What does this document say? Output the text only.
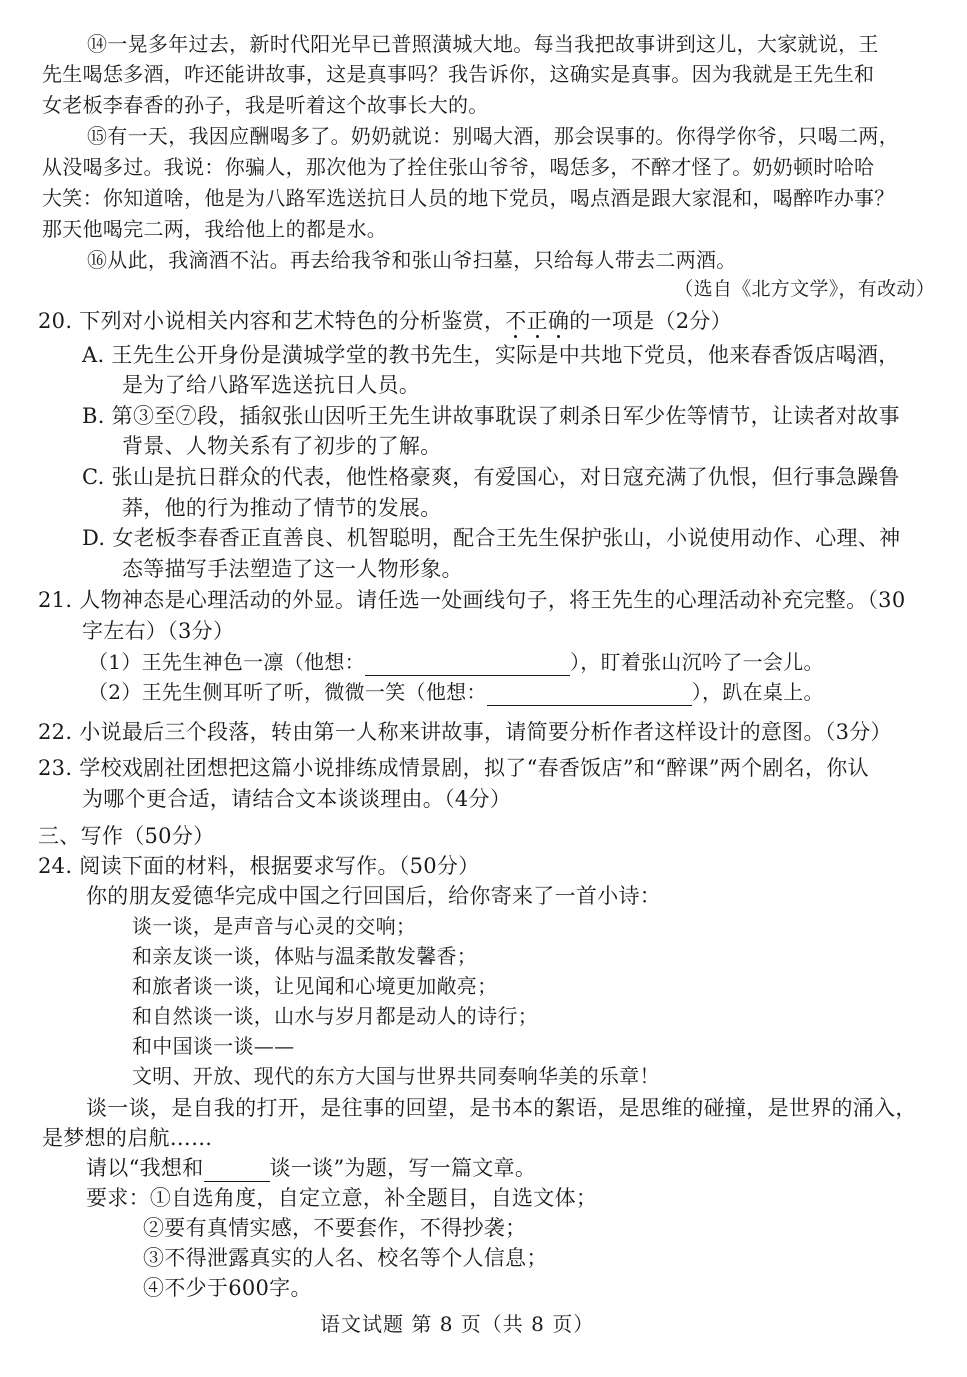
⑭一晃多年过去，新时代阳光早已普照潢城大地。每当我把故事讲到这儿，大家就说，王
先生喝恁多酒，咋还能讲故事，这是真事吗？我告诉你，这确实是真事。因为我就是王先生和
女老板李春香的孙子，我是听着这个故事长大的。
⑮有一天，我因应酬喝多了。奶奶就说：别喝大酒，那会误事的。你得学你爷，只喝二两，
从没喝多过。我说：你骗人，那次他为了拴住张山爷爷，喝恁多，不醉才怪了。奶奶顿时哈哈
大笑：你知道啥，他是为八路军选送抗日人员的地下党员，喝点酒是跟大家混和，喝醉咋办事？
那天他喝完二两，我给他上的都是水。
⑯从此，我滴酒不沾。再去给我爷和张山爷扫墓，只给每人带去二两酒。
（选自《北方文学》，有改动）
20. 下列对小说相关内容和艺术特色的分析鉴赏，不正确的一项是（2分）
A. 王先生公开身份是潢城学堂的教书先生，实际是中共地下党员，他来春香饭店喝酒，
是为了给八路军选送抗日人员。
B. 第③至⑦段，插叙张山因听王先生讲故事耽误了刺杀日军少佐等情节，让读者对故事
背景、人物关系有了初步的了解。
C. 张山是抗日群众的代表，他性格豪爽，有爱国心，对日寇充满了仇恨，但行事急躁鲁
莽，他的行为推动了情节的发展。
D. 女老板李春香正直善良、机智聪明，配合王先生保护张山，小说使用动作、心理、神
态等描写手法塑造了这一人物形象。
21. 人物神态是心理活动的外显。请任选一处画线句子，将王先生的心理活动补充完整。（30
字左右）（3分）
（1）王先生神色一凛（他想：	），盯着张山沉吟了一会儿。
（2）王先生侧耳听了听，微微一笑（他想：	），趴在桌上。
22. 小说最后三个段落，转由第一人称来讲故事，请简要分析作者这样设计的意图。（3分）
23. 学校戏剧社团想把这篇小说排练成情景剧，拟了“春香饭店”和“醉课”两个剧名，你认
为哪个更合适，请结合文本谈谈理由。（4分）
三、写作（50分）
24. 阅读下面的材料，根据要求写作。（50分）
你的朋友爱德华完成中国之行回国后，给你寄来了一首小诗：
谈一谈，是声音与心灵的交响；
和亲友谈一谈，体贴与温柔散发馨香；
和旅者谈一谈，让见闻和心境更加敞亮；
和自然谈一谈，山水与岁月都是动人的诗行；
和中国谈一谈——
文明、开放、现代的东方大国与世界共同奏响华美的乐章！
谈一谈，是自我的打开，是往事的回望，是书本的絮语，是思维的碰撞，是世界的涌入，
是梦想的启航……
请以“我想和	谈一谈”为题，写一篇文章。
要求：①自选角度，自定立意，补全题目，自选文体；
②要有真情实感，不要套作，不得抄袭；
③不得泄露真实的人名、校名等个人信息；
④不少于600字。
语文试题 第 8 页（共 8 页）
